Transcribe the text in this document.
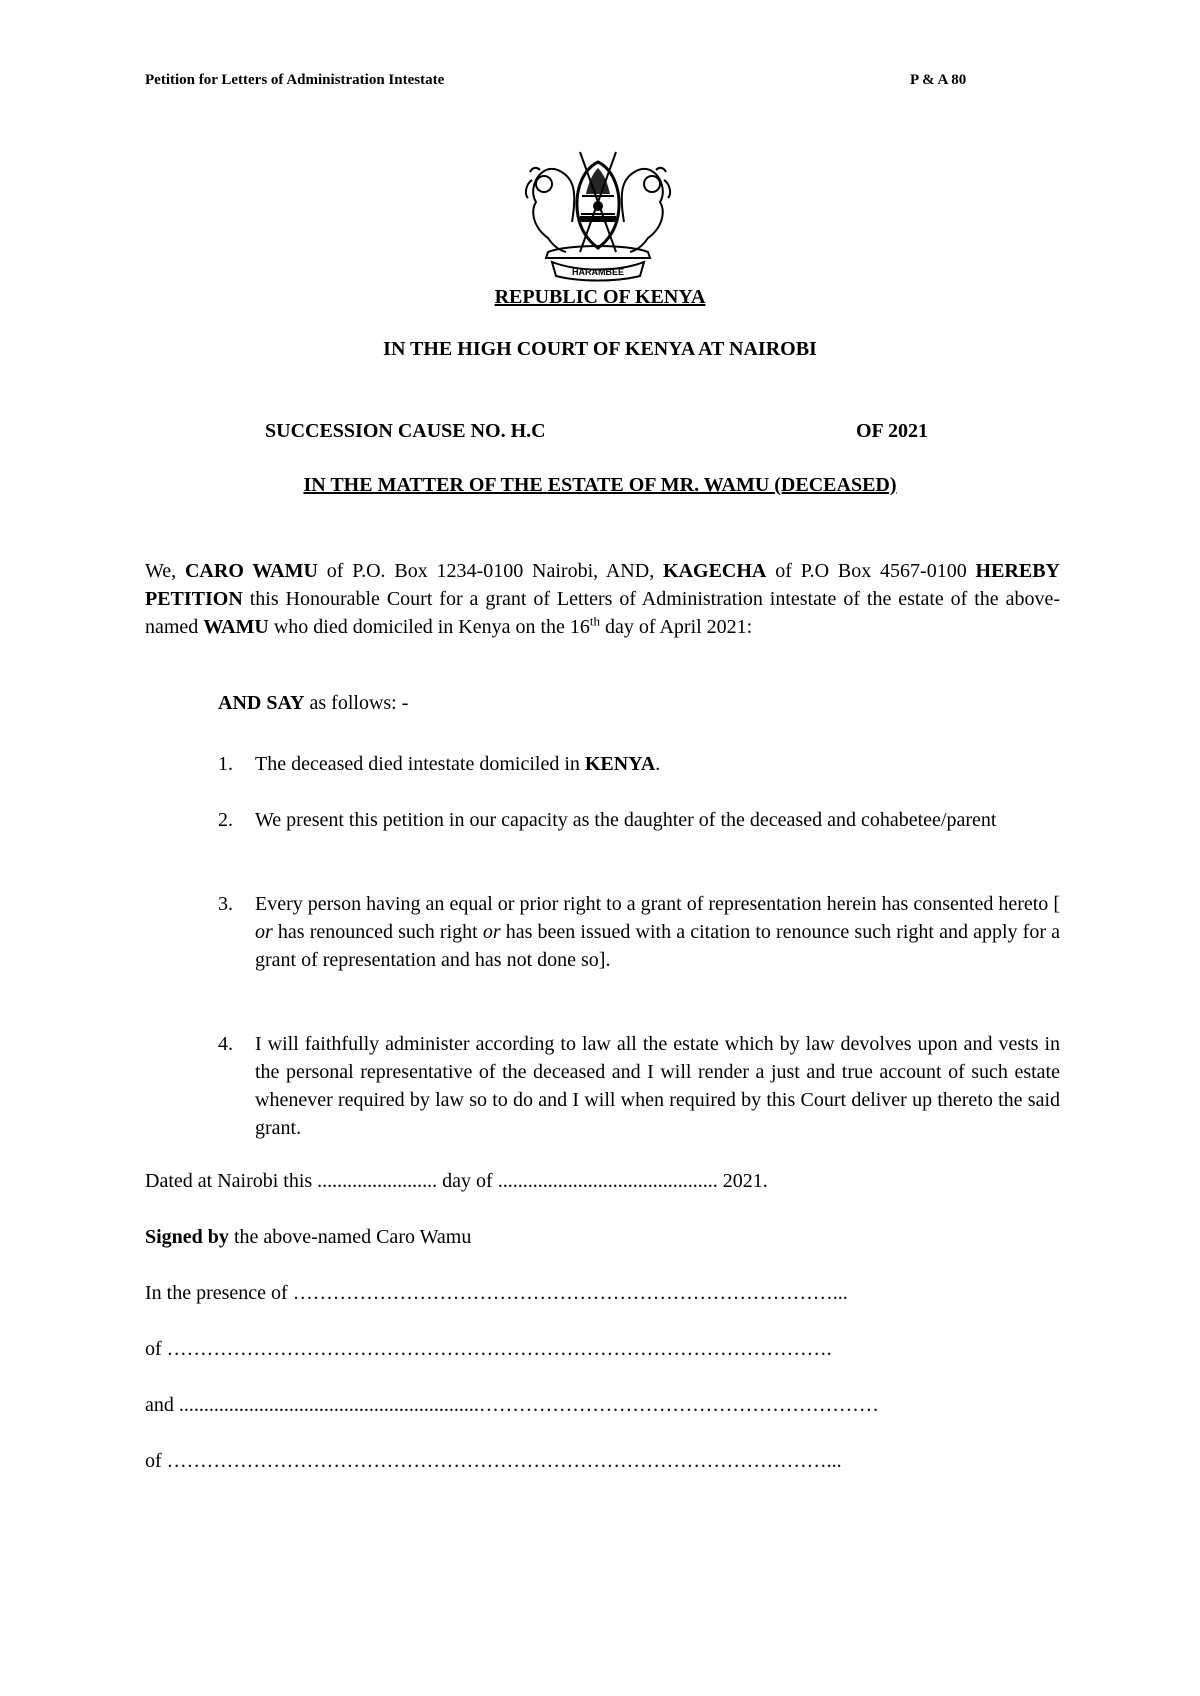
Petition for Letters of Administration Intestate	P & A 80
HARAMBEE
REPUBLIC OF KENYA
IN THE HIGH COURT OF KENYA AT NAIROBI
SUCCESSION CAUSE NO. H.C	OF 2021
IN THE MATTER OF THE ESTATE OF MR. WAMU (DECEASED)
We, CARO WAMU of P.O. Box 1234-0100 Nairobi, AND, KAGECHA of P.O Box 4567-0100 HEREBY PETITION this Honourable Court for a grant of Letters of Administration intestate of the estate of the above-named WAMU who died domiciled in Kenya on the 16th day of April 2021:
AND SAY as follows: -
1.	The deceased died intestate domiciled in KENYA.
2.	We present this petition in our capacity as the daughter of the deceased and cohabetee/parent
3.	Every person having an equal or prior right to a grant of representation herein has consented hereto [ or has renounced such right or has been issued with a citation to renounce such right and apply for a grant of representation and has not done so].
4.	I will faithfully administer according to law all the estate which by law devolves upon and vests in the personal representative of the deceased and I will render a just and true account of such estate whenever required by law so to do and I will when required by this Court deliver up thereto the said grant.
Dated at Nairobi this ........................ day of ............................................ 2021.
Signed by the above-named Caro Wamu
In the presence of ………………………………………………………………………...
of ……………………………………………………………………………………….
and ............................................................……………………………………………………
of ………………………………………………………………………………………...
